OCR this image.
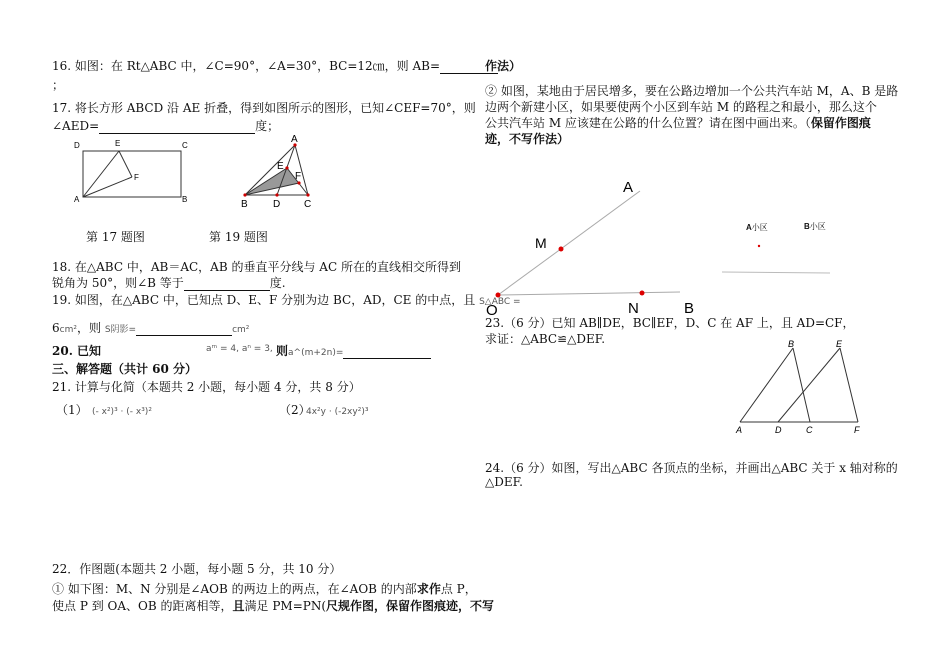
16. 如图：在 Rt△ABC 中，∠C=90°，∠A=30°，BC=12㎝，则 AB=
；
17. 将长方形 ABCD 沿 AE 折叠，得到如图所示的图形，已知∠CEF=70°，则
∠AED=	度；
D	E	C
F
A	B
A
E
F
B	D C
第 17 题图	第 19 题图
18. 在△ABC 中，AB＝AC，AB 的垂直平分线与 AC 所在的直线相交所得到
锐角为 50°，则∠B 等于	度.
19. 如图，在△ABC 中，已知点 D、E、F 分别为边 BC，AD，CE 的中点，且 S△ABC =
6cm²，则 S阴影=	cm²
20. 已知	aᵐ = 4, aⁿ = 3, 则a^(m+2n)=
三、解答题（共计 60 分）
21. 计算与化简（本题共 2 小题，每小题 4 分，共 8 分）
（1） (- x²)³ · (- x³)²	（2）
4x²y · (-2xy²)³
22．作图题(本题共 2 小题，每小题 5 分，共 10 分）
① 如下图：M、N 分别是∠AOB 的两边上的两点，在∠AOB 的内部求作点 P，
使点 P 到 OA、OB 的距离相等，且满足 PM=PN(尺规作图，保留作图痕迹，不写
作法）
② 如图，某地由于居民增多，要在公路边增加一个公共汽车站 M，A、B 是路
边两个新建小区，如果要使两个小区到车站 M 的路程之和最小，那么这个
公共汽车站 M 应该建在公路的什么位置？请在图中画出来。（保留作图痕
迹，不写作法）
A
M
O	N	B
A小区	B小区
23.（6 分）已知 AB∥DE，BC∥EF，D、C 在 AF 上，且 AD=CF，
求证：△ABC≌△DEF.	B	E
A	D	C	F
24.（6 分）如图，写出△ABC 各顶点的坐标，并画出△ABC 关于 x 轴对称的
△DEF.
